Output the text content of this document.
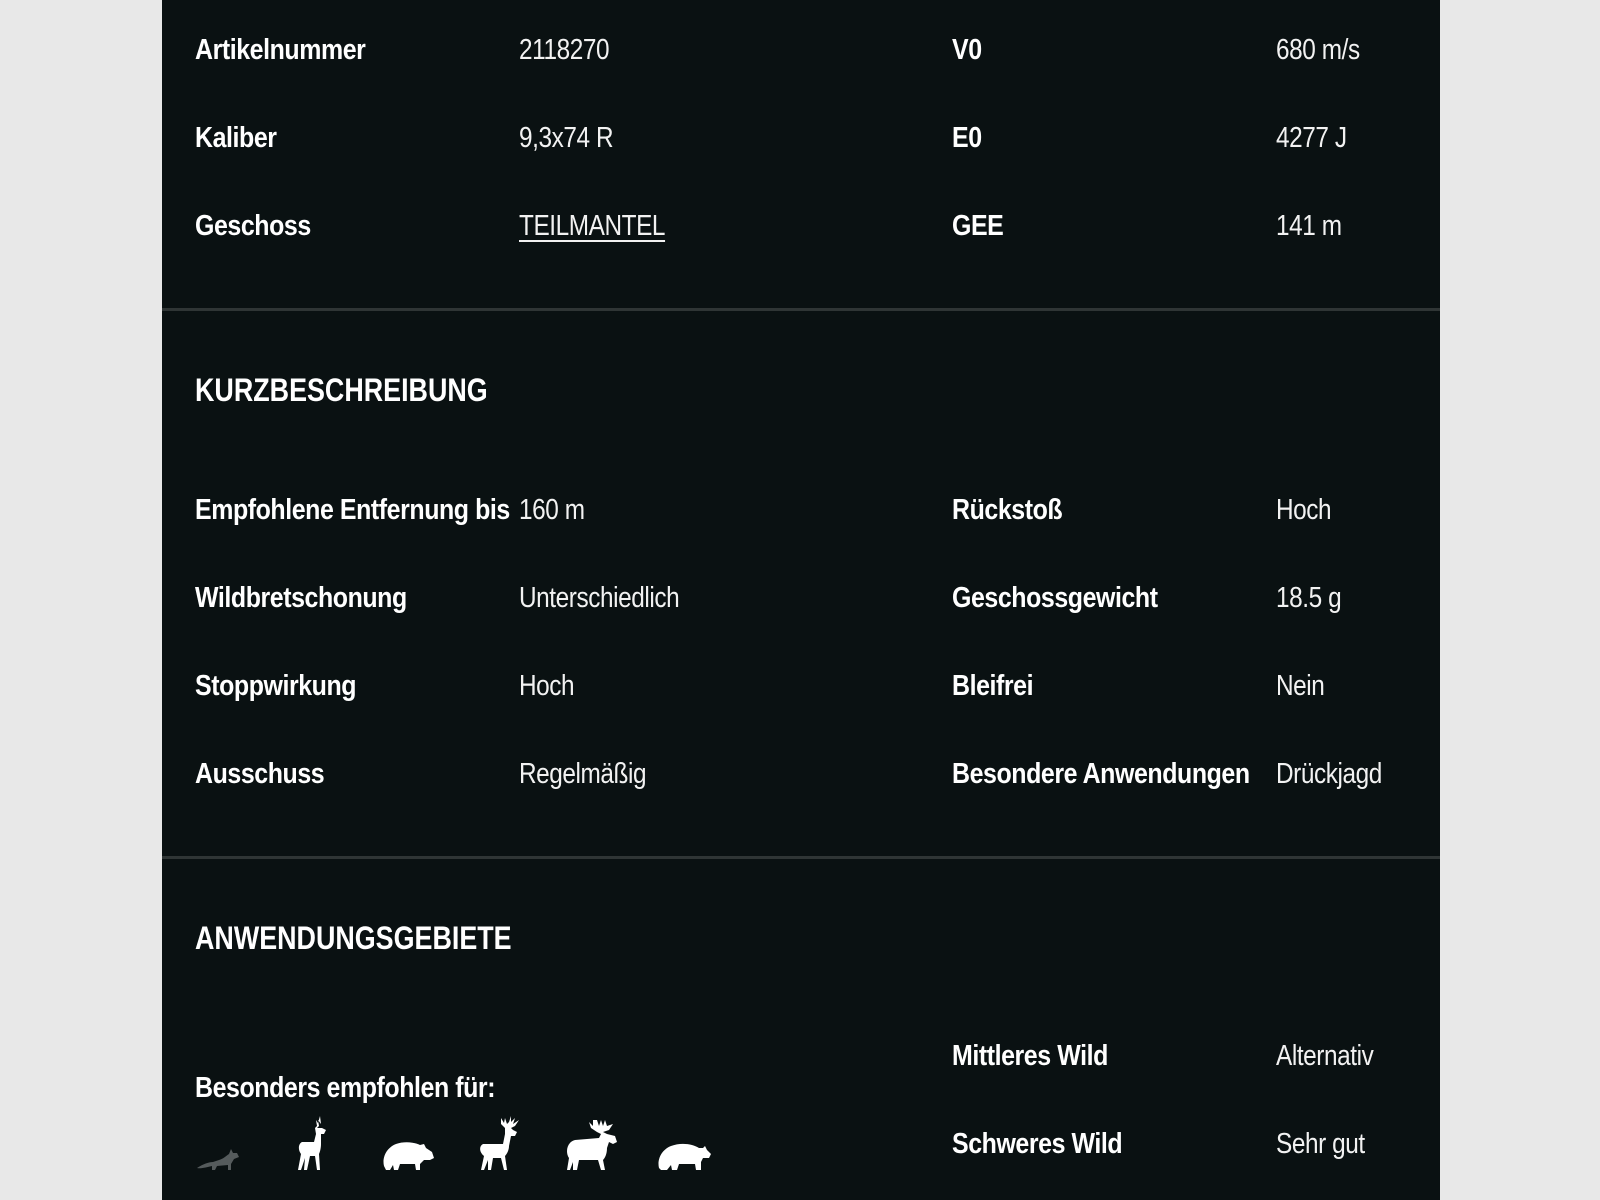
Artikelnummer	2118270	V0	680 m/s
Kaliber	9,3x74 R	E0	4277 J
Geschoss	TEILMANTEL	GEE	141 m
KURZBESCHREIBUNG
Empfohlene Entfernung bis 160 m	Rückstoß	Hoch
Wildbretschonung	Unterschiedlich	Geschossgewicht	18.5 g
Stoppwirkung	Hoch	Bleifrei	Nein
Ausschuss	Regelmäßig	Besondere Anwendungen Drückjagd
ANWENDUNGSGEBIETE
Besonders empfohlen für:
Mittleres Wild	Alternativ
Schweres Wild	Sehr gut
